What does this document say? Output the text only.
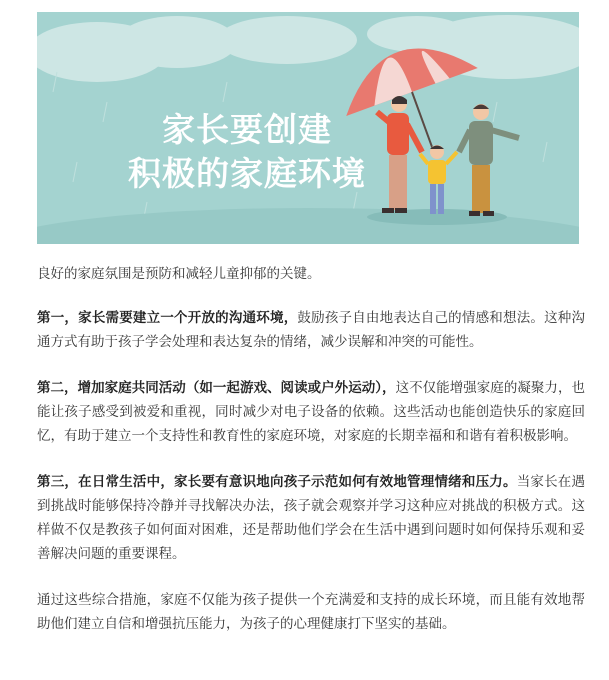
家长要创建
积极的家庭环境

良好的家庭氛围是预防和减轻儿童抑郁的关键。

第一，家长需要建立一个开放的沟通环境，鼓励孩子自由地表达自己的情感和想法。这种沟通方式有助于孩子学会处理和表达复杂的情绪，减少误解和冲突的可能性。

第二，增加家庭共同活动（如一起游戏、阅读或户外运动），这不仅能增强家庭的凝聚力，也能让孩子感受到被爱和重视，同时减少对电子设备的依赖。这些活动也能创造快乐的家庭回忆，有助于建立一个支持性和教育性的家庭环境，对家庭的长期幸福和和谐有着积极影响。

第三，在日常生活中，家长要有意识地向孩子示范如何有效地管理情绪和压力。当家长在遇到挑战时能够保持冷静并寻找解决办法，孩子就会观察并学习这种应对挑战的积极方式。这样做不仅是教孩子如何面对困难，还是帮助他们学会在生活中遇到问题时如何保持乐观和妥善解决问题的重要课程。

通过这些综合措施，家庭不仅能为孩子提供一个充满爱和支持的成长环境，而且能有效地帮助他们建立自信和增强抗压能力，为孩子的心理健康打下坚实的基础。
